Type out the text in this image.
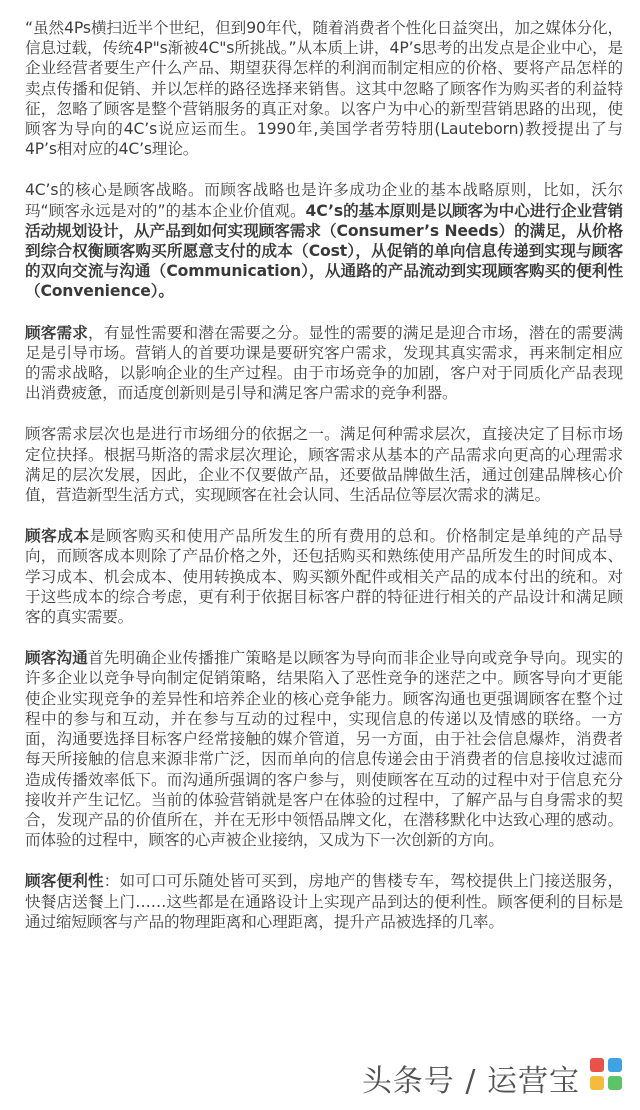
“虽然4Ps横扫近半个世纪，但到90年代，随着消费者个性化日益突出，加之媒体分化，信息过载，传统4P"s渐被4C"s所挑战。”从本质上讲，4P’s思考的出发点是企业中心，是企业经营者要生产什么产品、期望获得怎样的利润而制定相应的价格、要将产品怎样的卖点传播和促销、并以怎样的路径选择来销售。这其中忽略了顾客作为购买者的利益特征，忽略了顾客是整个营销服务的真正对象。以客户为中心的新型营销思路的出现，使顾客为导向的4C’s说应运而生。1990年,美国学者劳特朋(Lauteborn)教授提出了与4P’s相对应的4C’s理论。

4C’s的核心是顾客战略。而顾客战略也是许多成功企业的基本战略原则，比如，沃尔玛“顾客永远是对的”的基本企业价值观。4C’s的基本原则是以顾客为中心进行企业营销活动规划设计，从产品到如何实现顾客需求（Consumer’s Needs）的满足，从价格到综合权衡顾客购买所愿意支付的成本（Cost），从促销的单向信息传递到实现与顾客的双向交流与沟通（Communication），从通路的产品流动到实现顾客购买的便利性（Convenience）。

顾客需求，有显性需要和潜在需要之分。显性的需要的满足是迎合市场，潜在的需要满足是引导市场。营销人的首要功课是要研究客户需求，发现其真实需求，再来制定相应的需求战略，以影响企业的生产过程。由于市场竞争的加剧，客户对于同质化产品表现出消费疲惫，而适度创新则是引导和满足客户需求的竞争利器。

顾客需求层次也是进行市场细分的依据之一。满足何种需求层次，直接决定了目标市场定位抉择。根据马斯洛的需求层次理论，顾客需求从基本的产品需求向更高的心理需求满足的层次发展，因此，企业不仅要做产品，还要做品牌做生活，通过创建品牌核心价值，营造新型生活方式，实现顾客在社会认同、生活品位等层次需求的满足。

顾客成本是顾客购买和使用产品所发生的所有费用的总和。价格制定是单纯的产品导向，而顾客成本则除了产品价格之外，还包括购买和熟练使用产品所发生的时间成本、学习成本、机会成本、使用转换成本、购买额外配件或相关产品的成本付出的统和。对于这些成本的综合考虑，更有利于依据目标客户群的特征进行相关的产品设计和满足顾客的真实需要。

顾客沟通首先明确企业传播推广策略是以顾客为导向而非企业导向或竞争导向。现实的许多企业以竞争导向制定促销策略，结果陷入了恶性竞争的迷茫之中。顾客导向才更能使企业实现竞争的差异性和培养企业的核心竞争能力。顾客沟通也更强调顾客在整个过程中的参与和互动，并在参与互动的过程中，实现信息的传递以及情感的联络。一方面，沟通要选择目标客户经常接触的媒介管道，另一方面，由于社会信息爆炸，消费者每天所接触的信息来源非常广泛，因而单向的信息传递会由于消费者的信息接收过滤而造成传播效率低下。而沟通所强调的客户参与，则使顾客在互动的过程中对于信息充分接收并产生记忆。当前的体验营销就是客户在体验的过程中，了解产品与自身需求的契合，发现产品的价值所在，并在无形中领悟品牌文化，在潜移默化中达致心理的感动。而体验的过程中，顾客的心声被企业接纳，又成为下一次创新的方向。

顾客便利性：如可口可乐随处皆可买到，房地产的售楼专车，驾校提供上门接送服务，快餐店送餐上门……这些都是在通路设计上实现产品到达的便利性。顾客便利的目标是通过缩短顾客与产品的物理距离和心理距离，提升产品被选择的几率。

头条号 / 运营宝
